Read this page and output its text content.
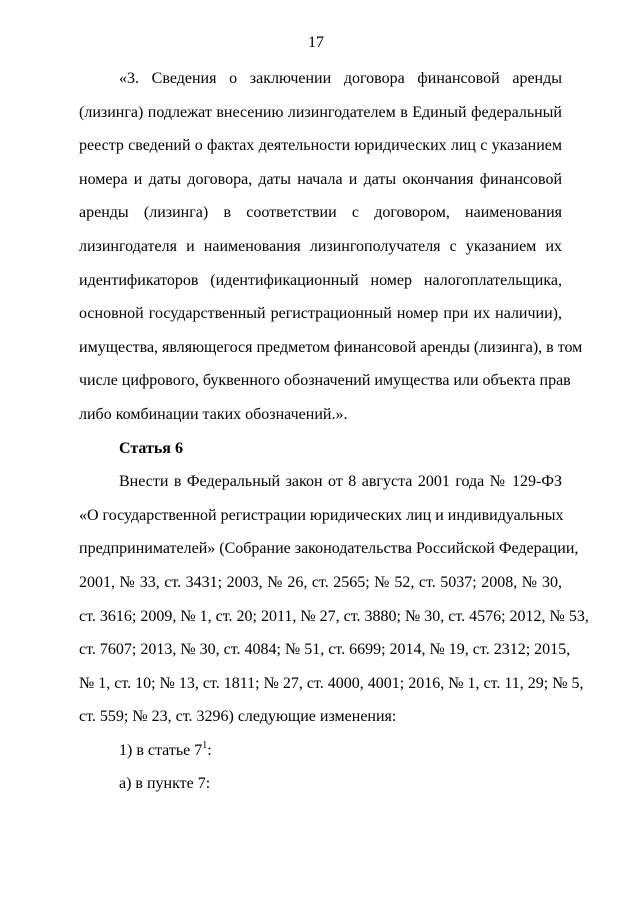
17
«3. Сведения о заключении договора финансовой аренды
(лизинга) подлежат внесению лизингодателем в Единый федеральный
реестр сведений о фактах деятельности юридических лиц с указанием
номера и даты договора, даты начала и даты окончания финансовой
аренды (лизинга) в соответствии с договором, наименования
лизингодателя и наименования лизингополучателя с указанием их
идентификаторов (идентификационный номер налогоплательщика,
основной государственный регистрационный номер при их наличии),
имущества, являющегося предметом финансовой аренды (лизинга), в том
числе цифрового, буквенного обозначений имущества или объекта прав
либо комбинации таких обозначений.».

Статья 6

Внести в Федеральный закон от 8 августа 2001 года № 129-ФЗ
«О государственной регистрации юридических лиц и индивидуальных
предпринимателей» (Собрание законодательства Российской Федерации,
2001, № 33, ст. 3431; 2003, № 26, ст. 2565; № 52, ст. 5037; 2008, № 30,
ст. 3616; 2009, № 1, ст. 20; 2011, № 27, ст. 3880; № 30, ст. 4576; 2012, № 53,
ст. 7607; 2013, № 30, ст. 4084; № 51, ст. 6699; 2014, № 19, ст. 2312; 2015,
№ 1, ст. 10; № 13, ст. 1811; № 27, ст. 4000, 4001; 2016, № 1, ст. 11, 29; № 5,
ст. 559; № 23, ст. 3296) следующие изменения:

1) в статье $7^1$:

а) в пункте 7:
